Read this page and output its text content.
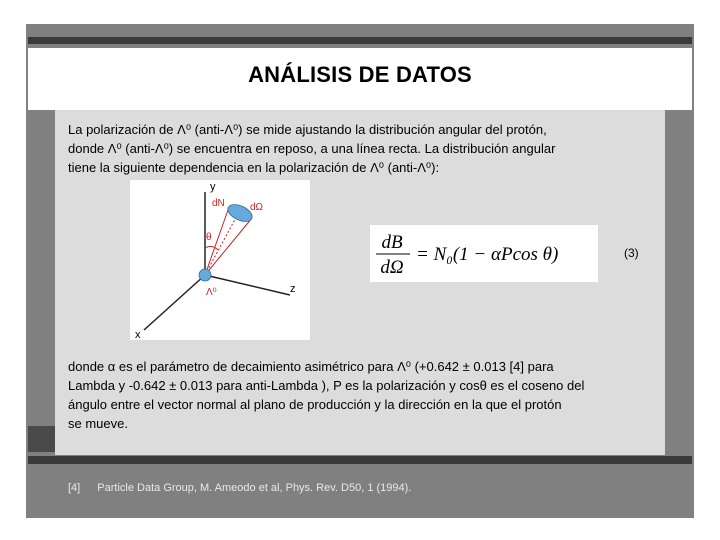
ANÁLISIS DE DATOS
La polarización de Λ⁰ (anti-Λ⁰) se mide ajustando la distribución angular del protón,
donde Λ⁰ (anti-Λ⁰) se encuentra en reposo, a una línea recta. La distribución angular
tiene la siguiente dependencia en la polarización de Λ⁰ (anti-Λ⁰):
y
dN	dΩ
θ
Λ⁰	z
x
dB
dΩ
= N₀(1 − αPcos θ)	(3)
donde α es el parámetro de decaimiento asimétrico para Λ⁰ (+0.642 ± 0.013 [4] para
Lambda y -0.642 ± 0.013 para anti-Lambda ), P es la polarización y cosθ es el coseno del
ángulo entre el vector normal al plano de producción y la dirección en la que el protón
se mueve.
[4] Particle Data Group, M. Ameodo et al, Phys. Rev. D50, 1 (1994).
